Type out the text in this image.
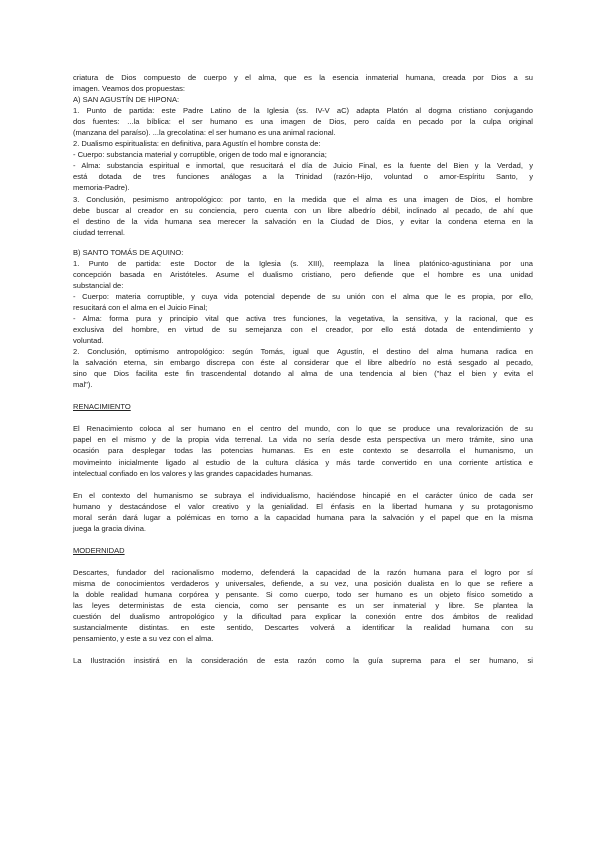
criatura de Dios compuesto de cuerpo y el alma, que es la esencia inmaterial humana, creada por Dios a su
imagen. Veamos dos propuestas:
A) SAN AGUSTÍN DE HIPONA:
1. Punto de partida: este Padre Latino de la Iglesia (ss. IV-V aC) adapta Platón al dogma cristiano conjugando
dos fuentes: ...la bíblica: el ser humano es una imagen de Dios, pero caída en pecado por la culpa original
(manzana del paraíso). ...la grecolatina: el ser humano es una animal racional.
2. Dualismo espiritualista: en definitiva, para Agustín el hombre consta de:
- Cuerpo: substancia material y corruptible, origen de todo mal e ignorancia;
- Alma: substancia espiritual e inmortal, que resucitará el día de Juicio Final, es la fuente del Bien y la Verdad, y
está dotada de tres funciones análogas a la Trinidad (razón-Hijo, voluntad o amor-Espíritu Santo, y
memoria-Padre).
3. Conclusión, pesimismo antropológico: por tanto, en la medida que el alma es una imagen de Dios, el hombre
debe buscar al creador en su conciencia, pero cuenta con un libre albedrío débil, inclinado al pecado, de ahí que
el destino de la vida humana sea merecer la salvación en la Ciudad de Dios, y evitar la condena eterna en la
ciudad terrenal.
B) SANTO TOMÁS DE AQUINO:
1. Punto de partida: este Doctor de la Iglesia (s. XIII), reemplaza la línea platónico-agustiniana por una
concepción basada en Aristóteles. Asume el dualismo cristiano, pero defiende que el hombre es una unidad
substancial de:
- Cuerpo: materia corruptible, y cuya vida potencial depende de su unión con el alma que le es propia, por ello,
resucitará con el alma en el Juicio Final;
- Alma: forma pura y principio vital que activa tres funciones, la vegetativa, la sensitiva, y la racional, que es
exclusiva del hombre, en virtud de su semejanza con el creador, por ello está dotada de entendimiento y
voluntad.
2. Conclusión, optimismo antropológico: según Tomás, igual que Agustín, el destino del alma humana radica en
la salvación eterna, sin embargo discrepa con éste al considerar que el libre albedrío no está sesgado al pecado,
sino que Dios facilita este fin trascendental dotando al alma de una tendencia al bien ("haz el bien y evita el
mal").
RENACIMIENTO
El Renacimiento coloca al ser humano en el centro del mundo, con lo que se produce una revalorización de su
papel en el mismo y de la propia vida terrenal. La vida no sería desde esta perspectiva un mero trámite, sino una
ocasión para desplegar todas las potencias humanas. Es en este contexto se desarrolla el humanismo, un
movimeinto inicialmente ligado al estudio de la cultura clásica y más tarde convertido en una corriente artística e
intelectual confiado en los valores y las grandes capacidades humanas.
En el contexto del humanismo se subraya el individualismo, haciéndose hincapié en el carácter único de cada ser
humano y destacándose el valor creativo y la genialidad. El énfasis en la libertad humana y su protagonismo
moral serán dará lugar a polémicas en torno a la capacidad humana para la salvación y el papel que en la misma
juega la gracia divina.
MODERNIDAD
Descartes, fundador del racionalismo moderno, defenderá la capacidad de la razón humana para el logro por sí
misma de conocimientos verdaderos y universales, defiende, a su vez, una posición dualista en lo que se refiere a
la doble realidad humana corpórea y pensante. Si como cuerpo, todo ser humano es un objeto físico sometido a
las leyes deterministas de esta ciencia, como ser pensante es un ser inmaterial y libre. Se plantea la
cuestión del dualismo antropológico y la dificultad para explicar la conexión entre dos ámbitos de realidad
sustancialmente distintas. en este sentido, Descartes volverá a identificar la realidad humana con su
pensamiento, y este a su vez con el alma.
La Ilustración insistirá en la consideración de esta razón como la guía suprema para el ser humano, si
